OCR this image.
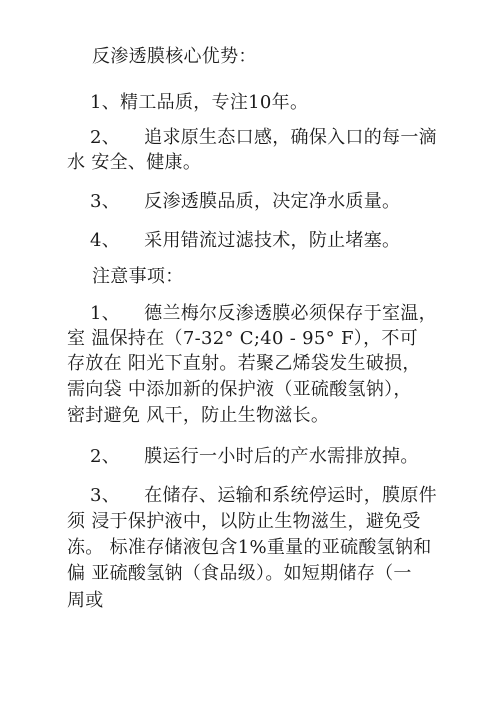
反渗透膜核心优势：
1、精工品质，专注10年。
2、    追求原生态口感，确保入口的每一滴
水 安全、健康。
3、    反渗透膜品质，决定净水质量。
4、    采用错流过滤技术，防止堵塞。
注意事项：
1、    德兰梅尔反渗透膜必须保存于室温，
室 温保持在（7-32° C;40 - 95° F），不可
存放在 阳光下直射。若聚乙烯袋发生破损，
需向袋 中添加新的保护液（亚硫酸氢钠），
密封避免 风干，防止生物滋长。
2、    膜运行一小时后的产水需排放掉。
3、    在储存、运输和系统停运时，膜原件
须 浸于保护液中，以防止生物滋生，避免受
冻。 标准存储液包含1%重量的亚硫酸氢钠和
偏 亚硫酸氢钠（食品级）。如短期储存（一
周或
